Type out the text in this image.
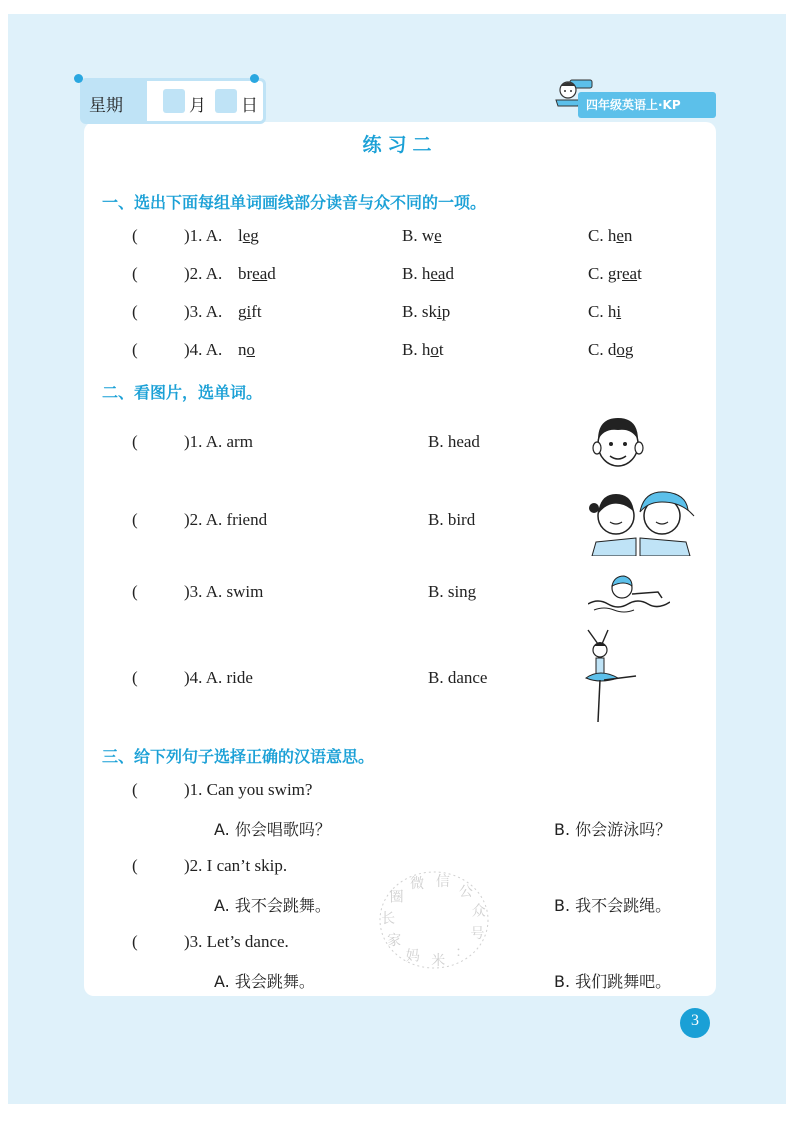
星期	月 日	四年级英语上·KP
练习二
一、选出下面每组单词画线部分读音与众不同的一项。
(	)1. A. leg	B. we	C. hen
(	)2. A. bread	B. head	C. great
(	)3. A. gift	B. skip	C. hi
(	)4. A. no	B. hot	C. dog
二、看图片，选单词。
(	)1. A. arm	B. head
(	)2. A. friend	B. bird
(	)3. A. swim	B. sing
(	)4. A. ride	B. dance
三、给下列句子选择正确的汉语意思。
(	)1. Can you swim?
A. 你会唱歌吗？	B. 你会游泳吗？
(	)2. I can’t skip.
A. 我不会跳舞。	B. 我不会跳绳。
(	)3. Let’s dance.
A. 我会跳舞。	B. 我们跳舞吧。
微 信
公
众
号
：
米
妈
家
长
圈
3
